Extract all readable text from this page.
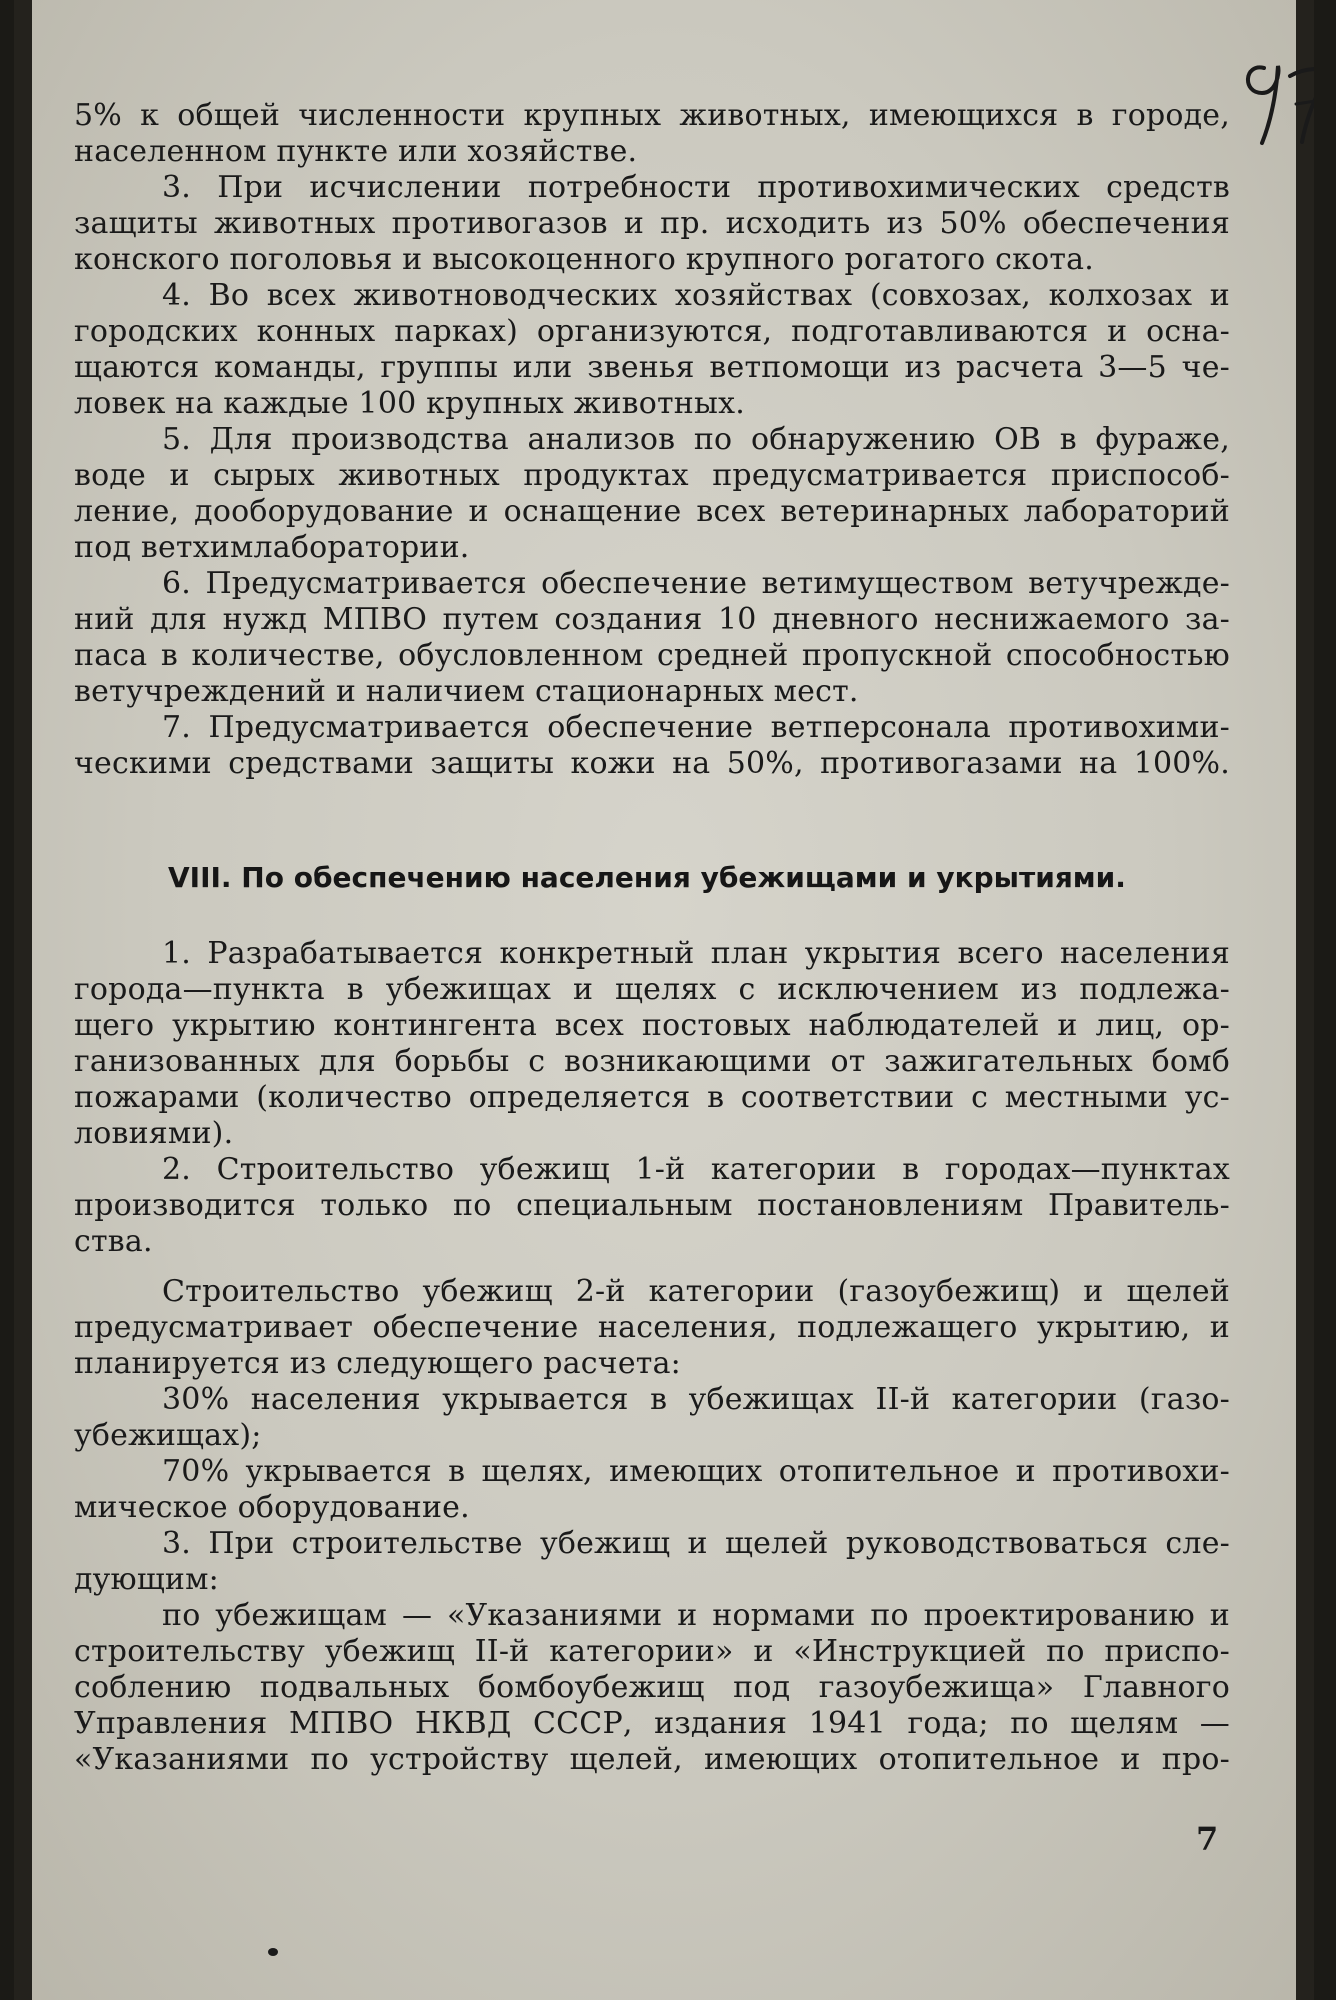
5% к общей численности крупных животных, имеющихся в городе,
населенном пункте или хозяйстве.
3. При исчислении потребности противохимических средств
защиты животных противогазов и пр. исходить из 50% обеспечения
конского поголовья и высокоценного крупного рогатого скота.
4. Во всех животноводческих хозяйствах (совхозах, колхозах и
городских конных парках) организуются, подготавливаются и осна-
щаются команды, группы или звенья ветпомощи из расчета 3—5 че-
ловек на каждые 100 крупных животных.
5. Для производства анализов по обнаружению ОВ в фураже,
воде и сырых животных продуктах предусматривается приспособ-
ление, дооборудование и оснащение всех ветеринарных лабораторий
под ветхимлаборатории.
6. Предусматривается обеспечение ветимуществом ветучрежде-
ний для нужд МПВО путем создания 10 дневного неснижаемого за-
паса в количестве, обусловленном средней пропускной способностью
ветучреждений и наличием стационарных мест.
7. Предусматривается обеспечение ветперсонала противохими-
ческими средствами защиты кожи на 50%, противогазами на 100%.
VIII. По обеспечению населения убежищами и укрытиями.
1. Разрабатывается конкретный план укрытия всего населения
города—пункта в убежищах и щелях с исключением из подлежа-
щего укрытию контингента всех постовых наблюдателей и лиц, ор-
ганизованных для борьбы с возникающими от зажигательных бомб
пожарами (количество определяется в соответствии с местными ус-
ловиями).
2. Строительство убежищ 1-й категории в городах—пунктах
производится только по специальным постановлениям Правитель-
ства.
Строительство убежищ 2-й категории (газоубежищ) и щелей
предусматривает обеспечение населения, подлежащего укрытию, и
планируется из следующего расчета:
30% населения укрывается в убежищах II-й категории (газо-
убежищах);
70% укрывается в щелях, имеющих отопительное и противохи-
мическое оборудование.
3. При строительстве убежищ и щелей руководствоваться сле-
дующим:
по убежищам — «Указаниями и нормами по проектированию и
строительству убежищ II-й категории» и «Инструкцией по приспо-
соблению подвальных бомбоубежищ под газоубежища» Главного
Управления МПВО НКВД СССР, издания 1941 года; по щелям —
«Указаниями по устройству щелей, имеющих отопительное и про-
7
